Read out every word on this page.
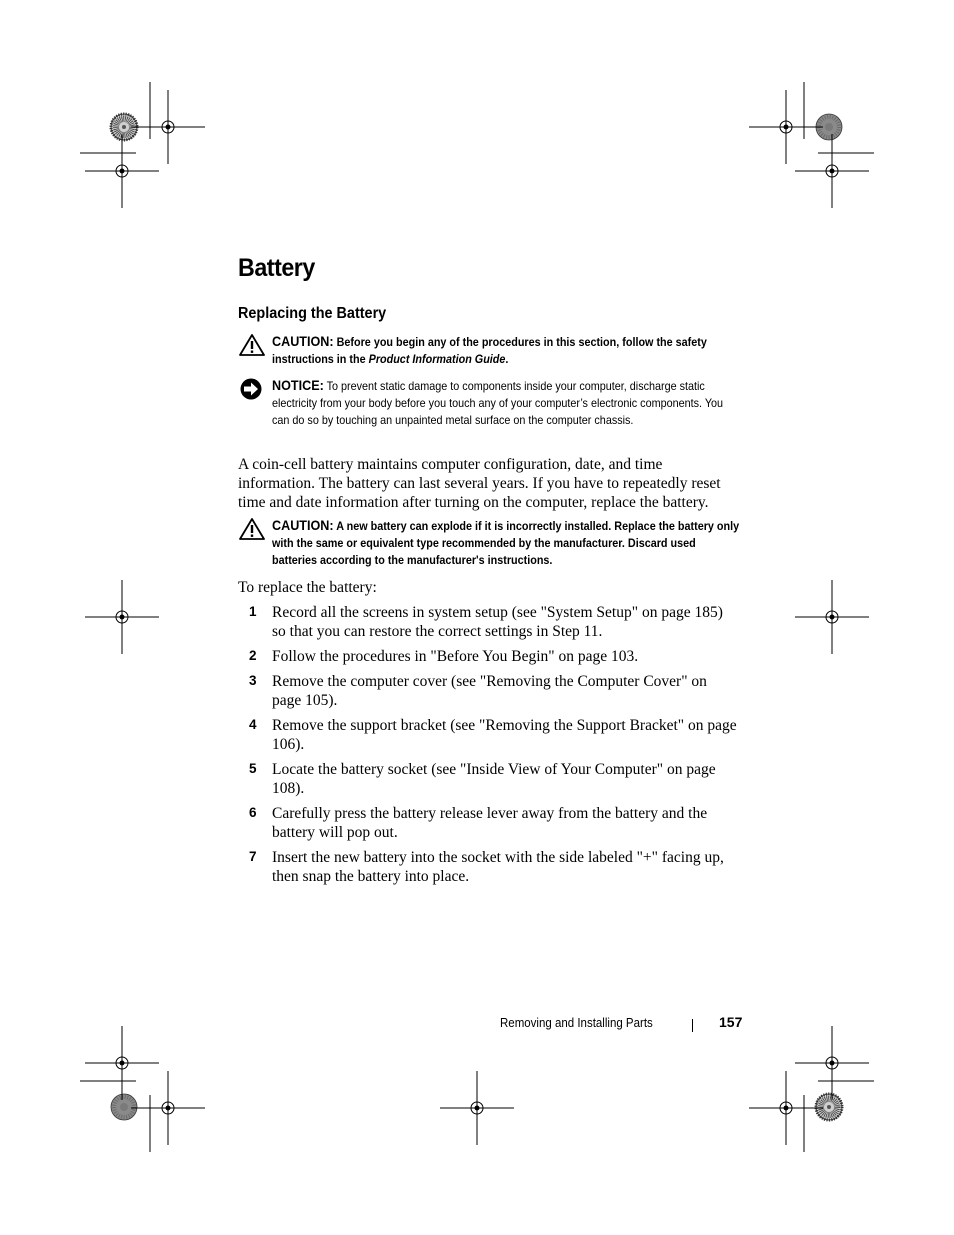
Battery
Replacing the Battery
CAUTION: Before you begin any of the procedures in this section, follow the safety instructions in the Product Information Guide.
NOTICE: To prevent static damage to components inside your computer, discharge static electricity from your body before you touch any of your computer’s electronic components. You can do so by touching an unpainted metal surface on the computer chassis.

A coin-cell battery maintains computer configuration, date, and time information. The battery can last several years. If you have to repeatedly reset time and date information after turning on the computer, replace the battery.

CAUTION: A new battery can explode if it is incorrectly installed. Replace the battery only with the same or equivalent type recommended by the manufacturer. Discard used batteries according to the manufacturer's instructions.

To replace the battery:

1 Record all the screens in system setup (see "System Setup" on page 185) so that you can restore the correct settings in Step 11.
2 Follow the procedures in "Before You Begin" on page 103.
3 Remove the computer cover (see "Removing the Computer Cover" on page 105).
4 Remove the support bracket (see "Removing the Support Bracket" on page 106).
5 Locate the battery socket (see "Inside View of Your Computer" on page 108).
6 Carefully press the battery release lever away from the battery and the battery will pop out.
7 Insert the new battery into the socket with the side labeled "+" facing up, then snap the battery into place.
Removing and Installing Parts	157
